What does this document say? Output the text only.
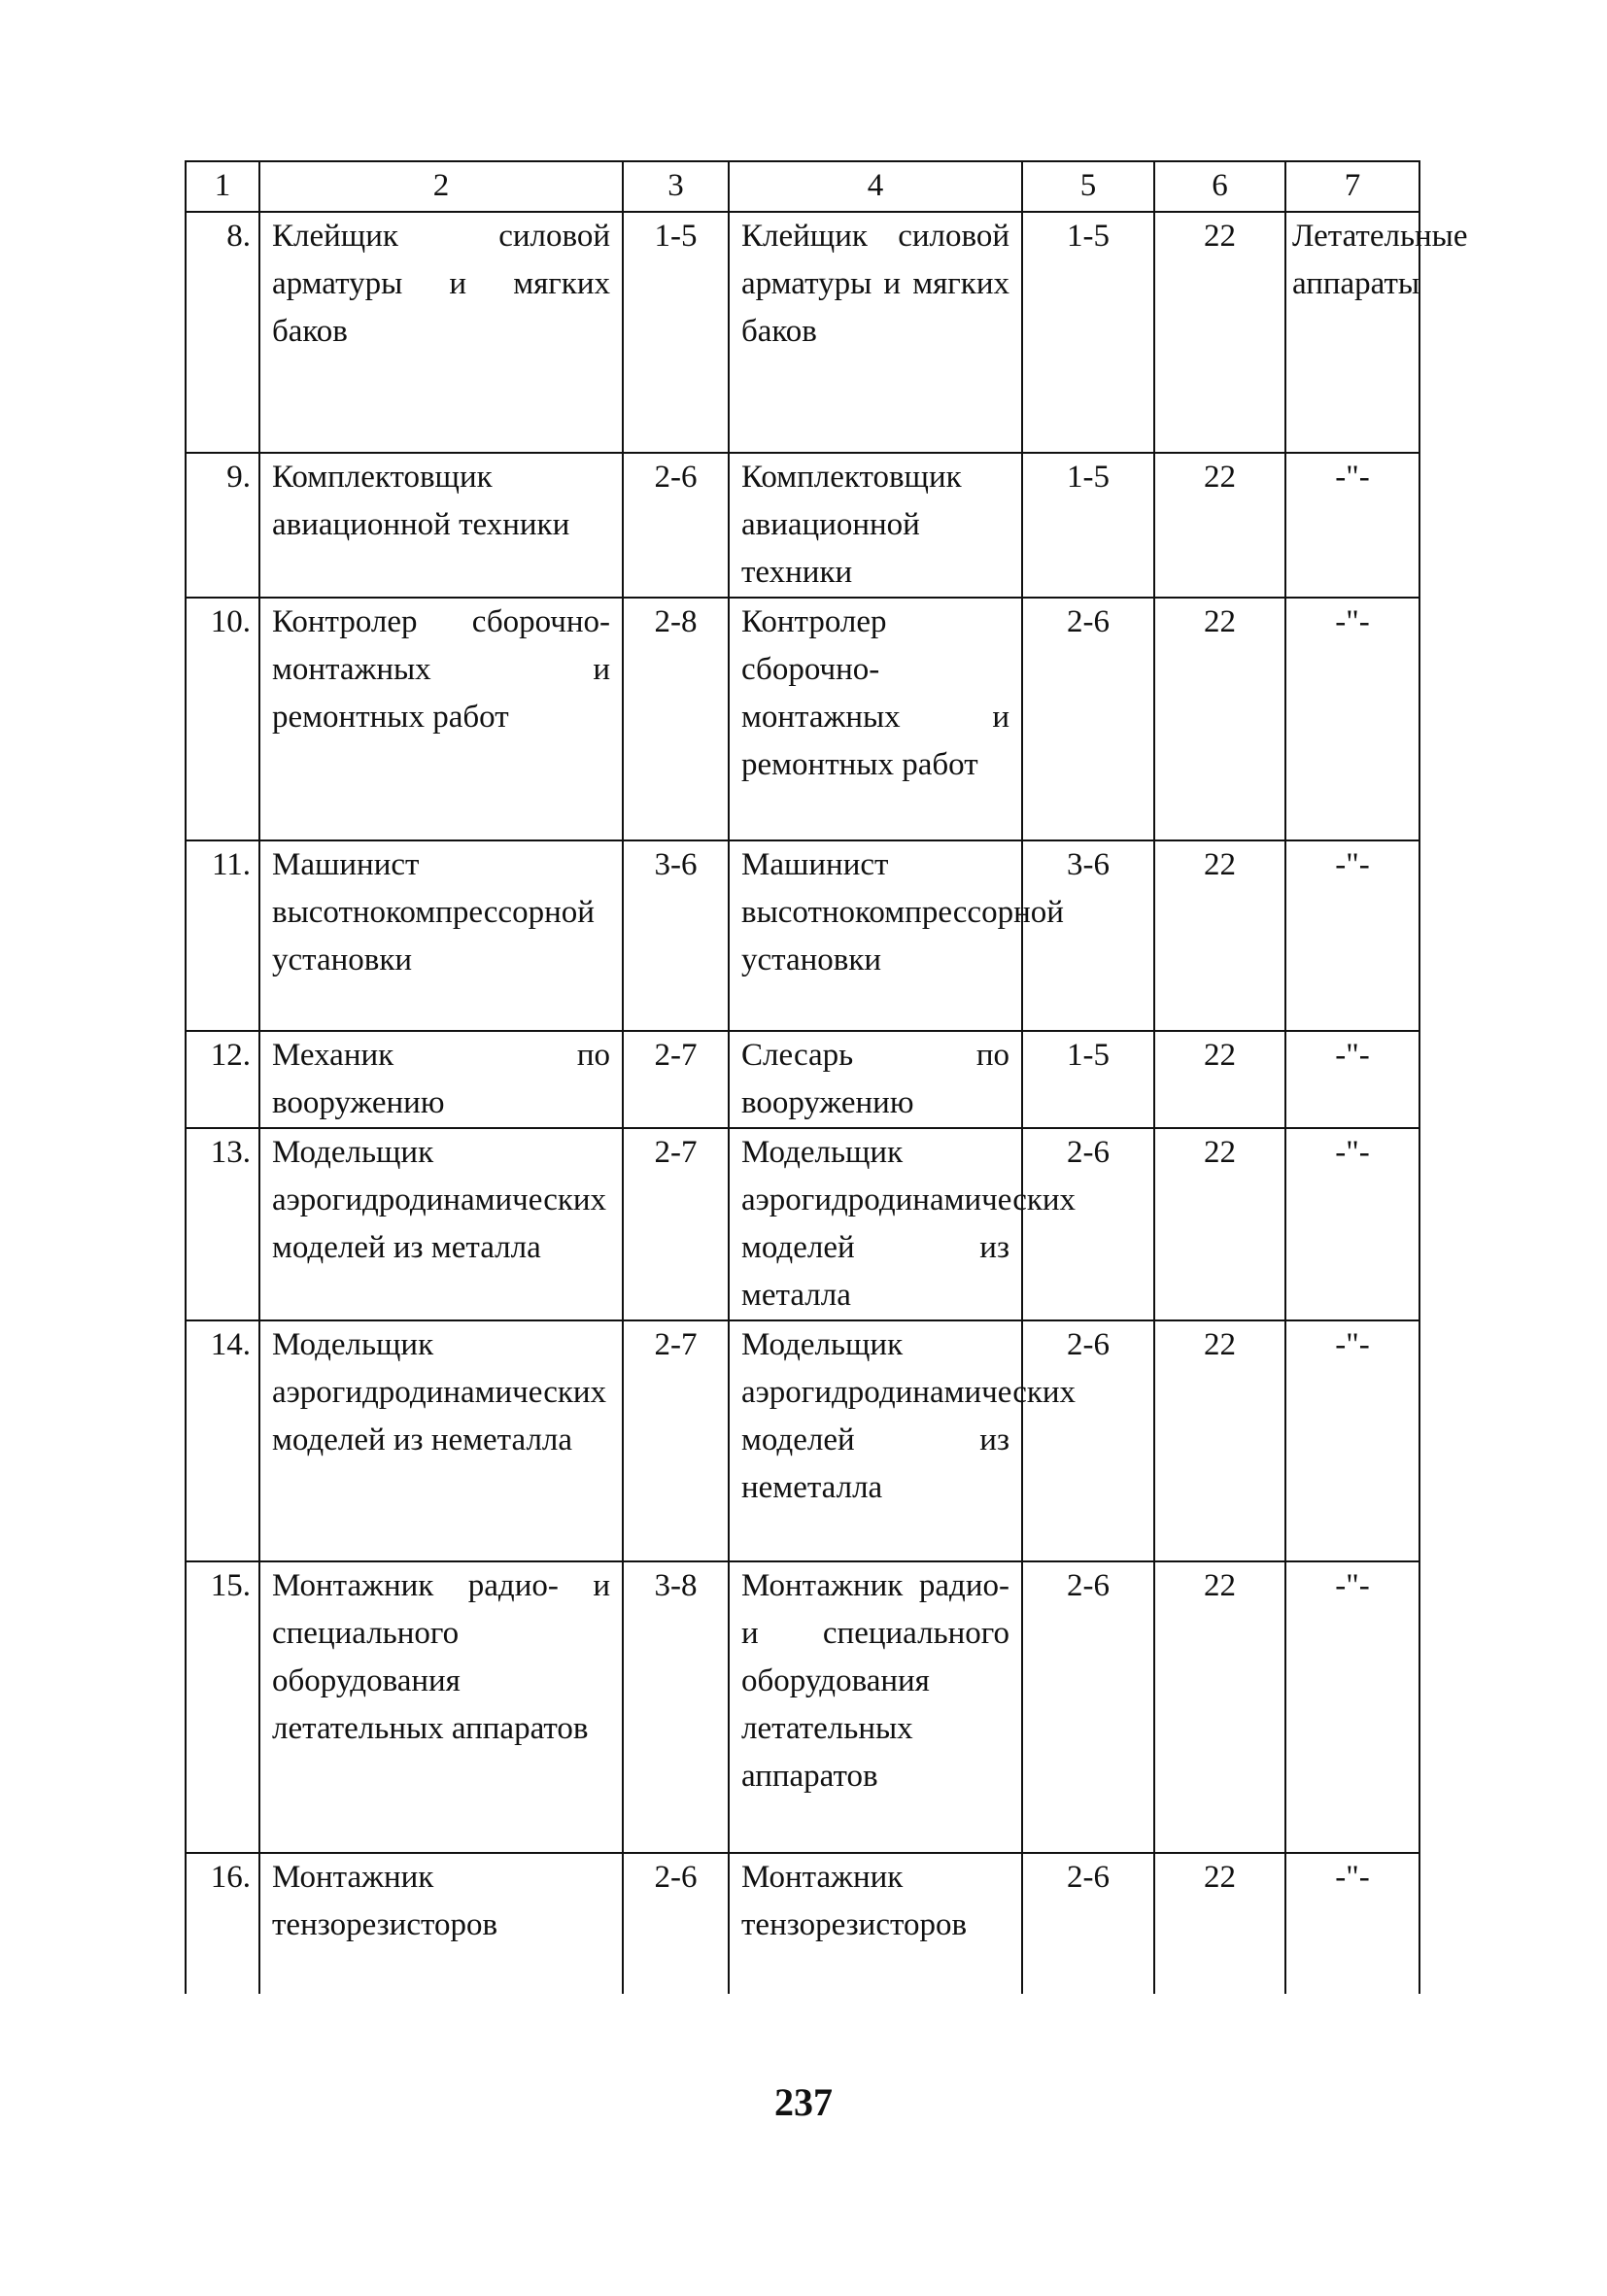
1	2	3	4	5	6	7
8.	Клейщик силовой арматуры и мягких баков	1-5	Клейщик силовой арматуры и мягких баков	1-5	22	Летательные аппараты
9.	Комплектовщик авиационной техники	2-6	Комплектовщик авиационной техники	1-5	22	-"-
10.	Контролер сборочно-монтажных и ремонтных работ	2-8	Контролер сборочно-монтажных и ремонтных работ	2-6	22	-"-
11.	Машинист высотнокомпрессорной установки	3-6	Машинист высотнокомпрессорной установки	3-6	22	-"-
12.	Механик по вооружению	2-7	Слесарь по вооружению	1-5	22	-"-
13.	Модельщик аэрогидродинамических моделей из металла	2-7	Модельщик аэрогидродинамических моделей из металла	2-6	22	-"-
14.	Модельщик аэрогидродинамических моделей из неметалла	2-7	Модельщик аэрогидродинамических моделей из неметалла	2-6	22	-"-
15.	Монтажник радио- и специального оборудования летательных аппаратов	3-8	Монтажник радио- и специального оборудования летательных аппаратов	2-6	22	-"-
16.	Монтажник тензорезисторов	2-6	Монтажник тензорезисторов	2-6	22	-"-
237
